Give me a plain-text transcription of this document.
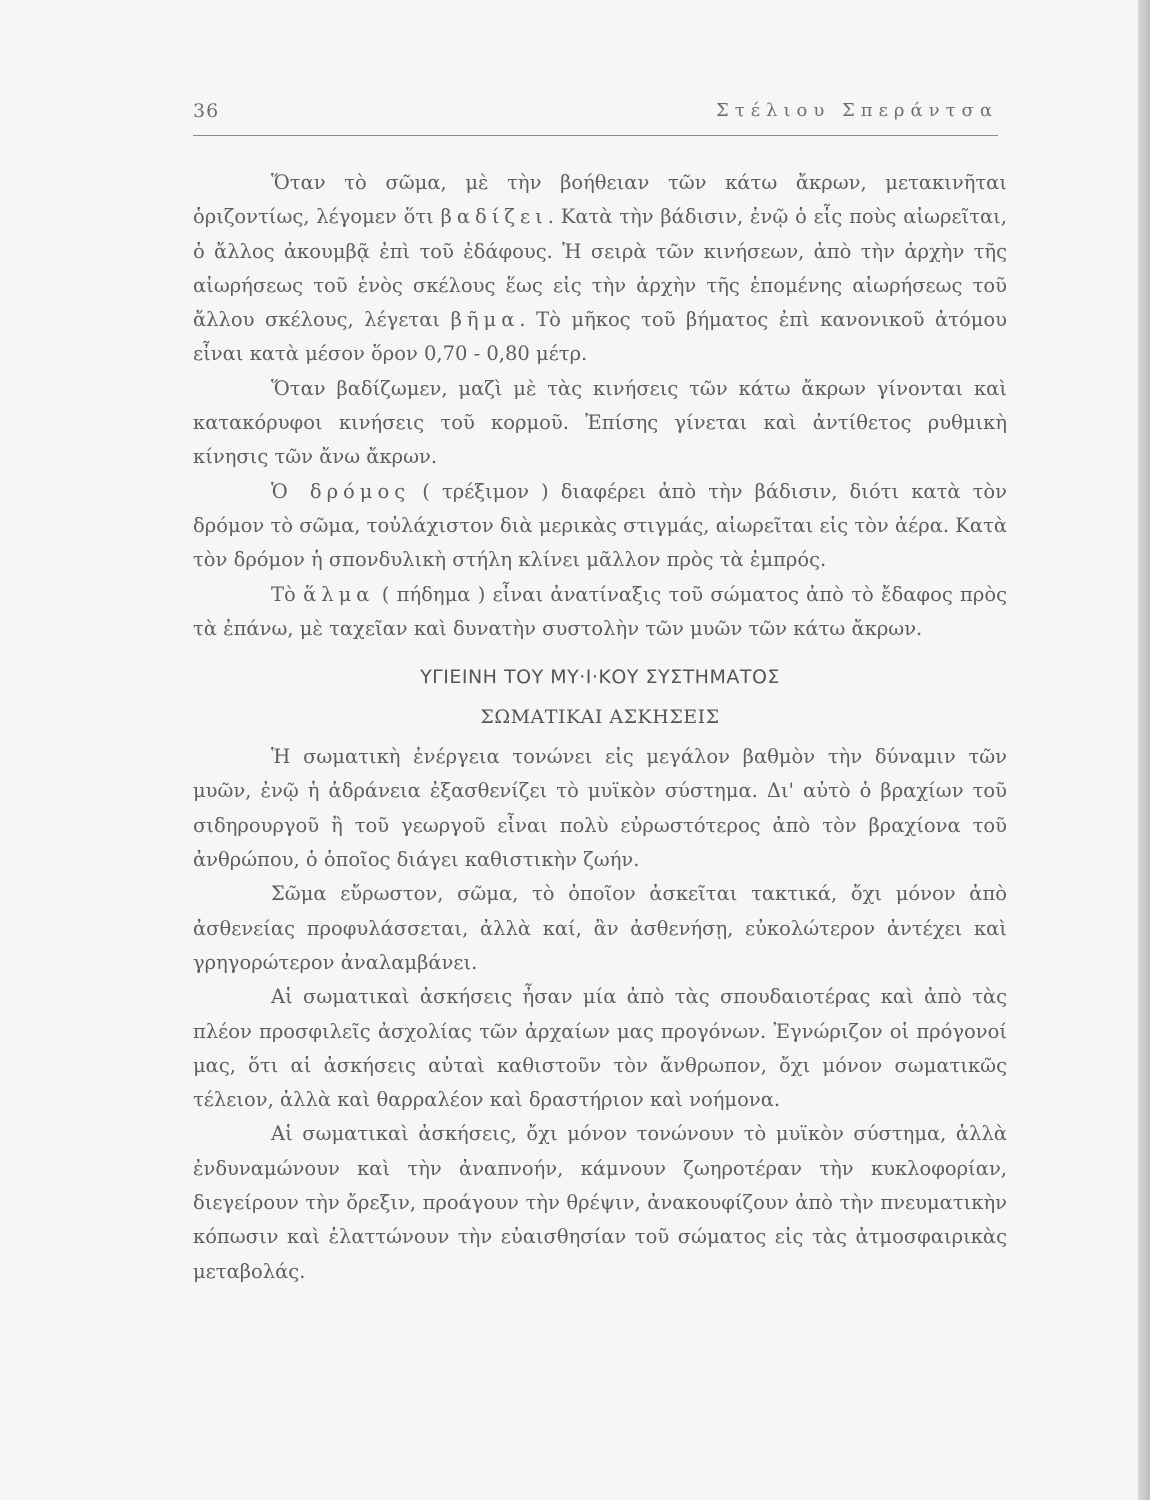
36	Στέλιου Σπεράντσα

Ὅταν τὸ σῶμα, μὲ τὴν βοήθειαν τῶν κάτω ἄκρων, μετακινῆται ὁριζοντίως, λέγομεν ὅτι βαδίζει. Κατὰ τὴν βάδισιν, ἐνῷ ὁ εἷς ποὺς αἰωρεῖται, ὁ ἄλλος ἀκουμβᾷ ἐπὶ τοῦ ἐδάφους. Ἡ σειρὰ τῶν κινήσεων, ἀπὸ τὴν ἀρχὴν τῆς αἰωρήσεως τοῦ ἑνὸς σκέλους ἕως εἰς τὴν ἀρχὴν τῆς ἑπομένης αἰωρήσεως τοῦ ἄλλου σκέλους, λέγεται βῆμα. Τὸ μῆκος τοῦ βήματος ἐπὶ κανονικοῦ ἀτόμου εἶναι κατὰ μέσον ὅρον 0,70 - 0,80 μέτρ.

Ὅταν βαδίζωμεν, μαζὶ μὲ τὰς κινήσεις τῶν κάτω ἄκρων γίνονται καὶ κατακόρυφοι κινήσεις τοῦ κορμοῦ. Ἐπίσης γίνεται καὶ ἀντίθετος ρυθμικὴ κίνησις τῶν ἄνω ἄκρων.

Ὁ δρόμος ( τρέξιμον ) διαφέρει ἀπὸ τὴν βάδισιν, διότι κατὰ τὸν δρόμον τὸ σῶμα, τοὐλάχιστον διὰ μερικὰς στιγμάς, αἰωρεῖται εἰς τὸν ἀέρα. Κατὰ τὸν δρόμον ἡ σπονδυλικὴ στήλη κλίνει μᾶλλον πρὸς τὰ ἐμπρός.

Τὸ ἅλμα ( πήδημα ) εἶναι ἀνατίναξις τοῦ σώματος ἀπὸ τὸ ἔδαφος πρὸς τὰ ἐπάνω, μὲ ταχεῖαν καὶ δυνατὴν συστολὴν τῶν μυῶν τῶν κάτω ἄκρων.

ΥΓΙΕΙΝΗ ΤΟΥ ΜΥ·Ι·ΚΟΥ ΣΥΣΤΗΜΑΤΟΣ
ΣΩΜΑΤΙΚΑΙ ΑΣΚΗΣΕΙΣ

Ἡ σωματικὴ ἐνέργεια τονώνει εἰς μεγάλον βαθμὸν τὴν δύναμιν τῶν μυῶν, ἐνῷ ἡ ἀδράνεια ἐξασθενίζει τὸ μυϊκὸν σύστημα. Δι' αὐτὸ ὁ βραχίων τοῦ σιδηρουργοῦ ἢ τοῦ γεωργοῦ εἶναι πολὺ εὐρωστότερος ἀπὸ τὸν βραχίονα τοῦ ἀνθρώπου, ὁ ὁποῖος διάγει καθιστικὴν ζωήν.

Σῶμα εὔρωστον, σῶμα, τὸ ὁποῖον ἀσκεῖται τακτικά, ὄχι μόνον ἀπὸ ἀσθενείας προφυλάσσεται, ἀλλὰ καί, ἂν ἀσθενήσῃ, εὐκολώτερον ἀντέχει καὶ γρηγορώτερον ἀναλαμβάνει.

Αἱ σωματικαὶ ἀσκήσεις ἦσαν μία ἀπὸ τὰς σπουδαιοτέρας καὶ ἀπὸ τὰς πλέον προσφιλεῖς ἀσχολίας τῶν ἀρχαίων μας προγόνων. Ἐγνώριζον οἱ πρόγονοί μας, ὅτι αἱ ἀσκήσεις αὐταὶ καθιστοῦν τὸν ἄνθρωπον, ὄχι μόνον σωματικῶς τέλειον, ἀλλὰ καὶ θαρραλέον καὶ δραστήριον καὶ νοήμονα.

Αἱ σωματικαὶ ἀσκήσεις, ὄχι μόνον τονώνουν τὸ μυϊκὸν σύστημα, ἀλλὰ ἐνδυναμώνουν καὶ τὴν ἀναπνοήν, κάμνουν ζωηροτέραν τὴν κυκλοφορίαν, διεγείρουν τὴν ὄρεξιν, προάγουν τὴν θρέψιν, ἀνακουφίζουν ἀπὸ τὴν πνευματικὴν κόπωσιν καὶ ἐλαττώνουν τὴν εὐαισθησίαν τοῦ σώματος εἰς τὰς ἀτμοσφαιρικὰς μεταβολάς.
